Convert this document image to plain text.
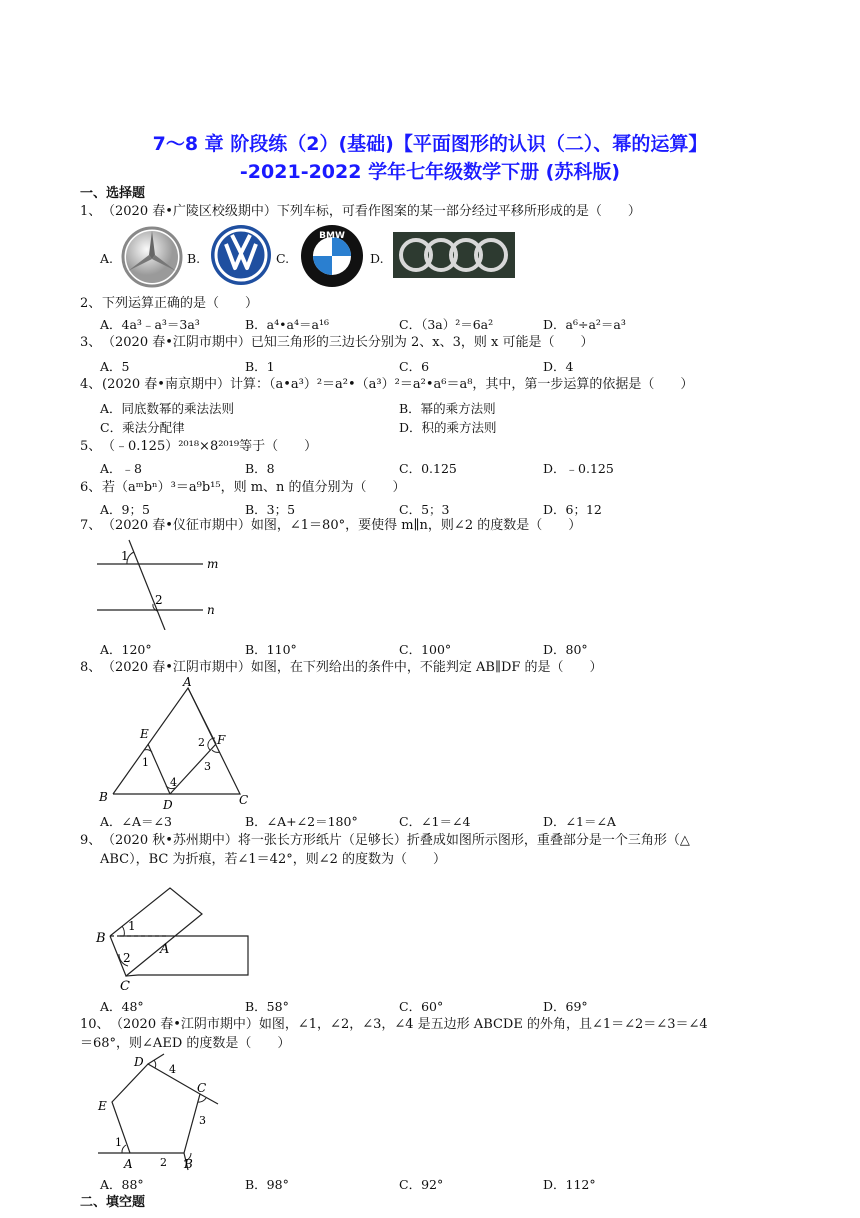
7～8 章 阶段练（2）(基础)【平面图形的认识（二）、幂的运算】
-2021-2022 学年七年级数学下册 (苏科版)
一、选择题
1、 （2020 春•广陵区校级期中）下列车标，可看作图案的某一部分经过平移所形成的是（　　）
A.	B.	C.	D.
BMW
2、 下列运算正确的是（　　）
A．4a³﹣a³＝3a³	B．a⁴•a⁴＝a¹⁶	C．（3a）²＝6a²	D．a⁶÷a²＝a³
3、 （2020 春•江阴市期中）已知三角形的三边长分别为 2、x、3，则 x 可能是（　　）
A．5	B．1	C．6	D．4
4、 (2020 春•南京期中）计算：（a•a³）²＝a²•（a³）²＝a²•a⁶＝a⁸，其中，第一步运算的依据是（　　）
A．同底数幂的乘法法则	B．幂的乘方法则
C．乘法分配律	D．积的乘方法则
5、 （﹣0.125）²⁰¹⁸×8²⁰¹⁹等于（　　）
A．﹣8	B．8	C．0.125	D．﹣0.125
6、 若（aᵐbⁿ）³＝a⁹b¹⁵，则 m、n 的值分别为（　　）
A．9；5	B．3；5	C．5；3	D．6；12
7、 （2020 春•仪征市期中）如图，∠1＝80°，要使得 m∥n，则∠2 的度数是（　　）
1
2
m
n
A．120°	B．110°	C．100°	D．80°
8、 （2020 春•江阴市期中）如图，在下列给出的条件中，不能判定 AB∥DF 的是（　　）
A
B	C
D
E	F
1
2
3
4
A．∠A＝∠3	B．∠A+∠2＝180°	C．∠1＝∠4	D．∠1＝∠A
9、 （2020 秋•苏州期中）将一张长方形纸片（足够长）折叠成如图所示图形，重叠部分是一个三角形（△
ABC），BC 为折痕，若∠1＝42°，则∠2 的度数为（　　）
B
A
C
1
2
A．48°	B．58°	C．60°	D．69°
10、 （2020 春•江阴市期中）如图，∠1，∠2，∠3，∠4 是五边形 ABCDE 的外角，且∠1＝∠2＝∠3＝∠4
＝68°，则∠AED 的度数是（　　）
D
C
E
A	B
1
2
3
4
A．88°	B．98°	C．92°	D．112°
二、填空题
